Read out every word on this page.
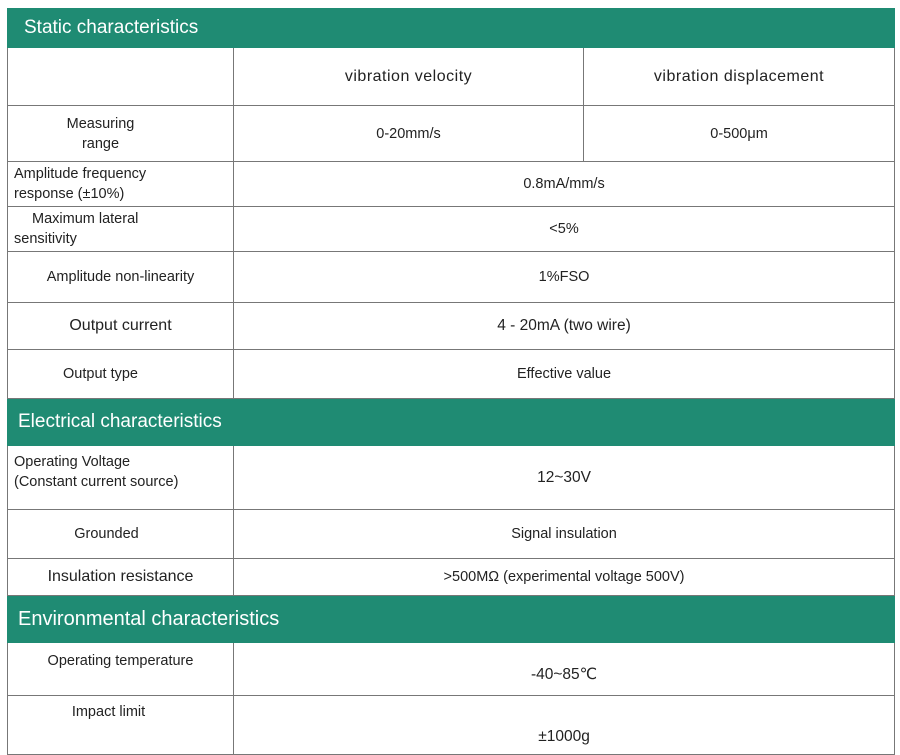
Static characteristics		
	vibration velocity	vibration displacement

Measuring
range	0-20mm/s	0-500μm

Amplitude frequency
response (±10%)	0.8mA/mm/s	

Maximum lateral
sensitivity	<5%	
Amplitude non-linearity	1%FSO	
Output current	4 - 20mA (two wire)	
Output type	Effective value	
Electrical characteristics		

Operating Voltage
(Constant current source)	12~30V	
Grounded	Signal insulation	
Insulation resistance	>500MΩ (experimental voltage 500V)	
Environmental characteristics		
Operating temperature	-40~85℃	
Impact limit	±1000g	
